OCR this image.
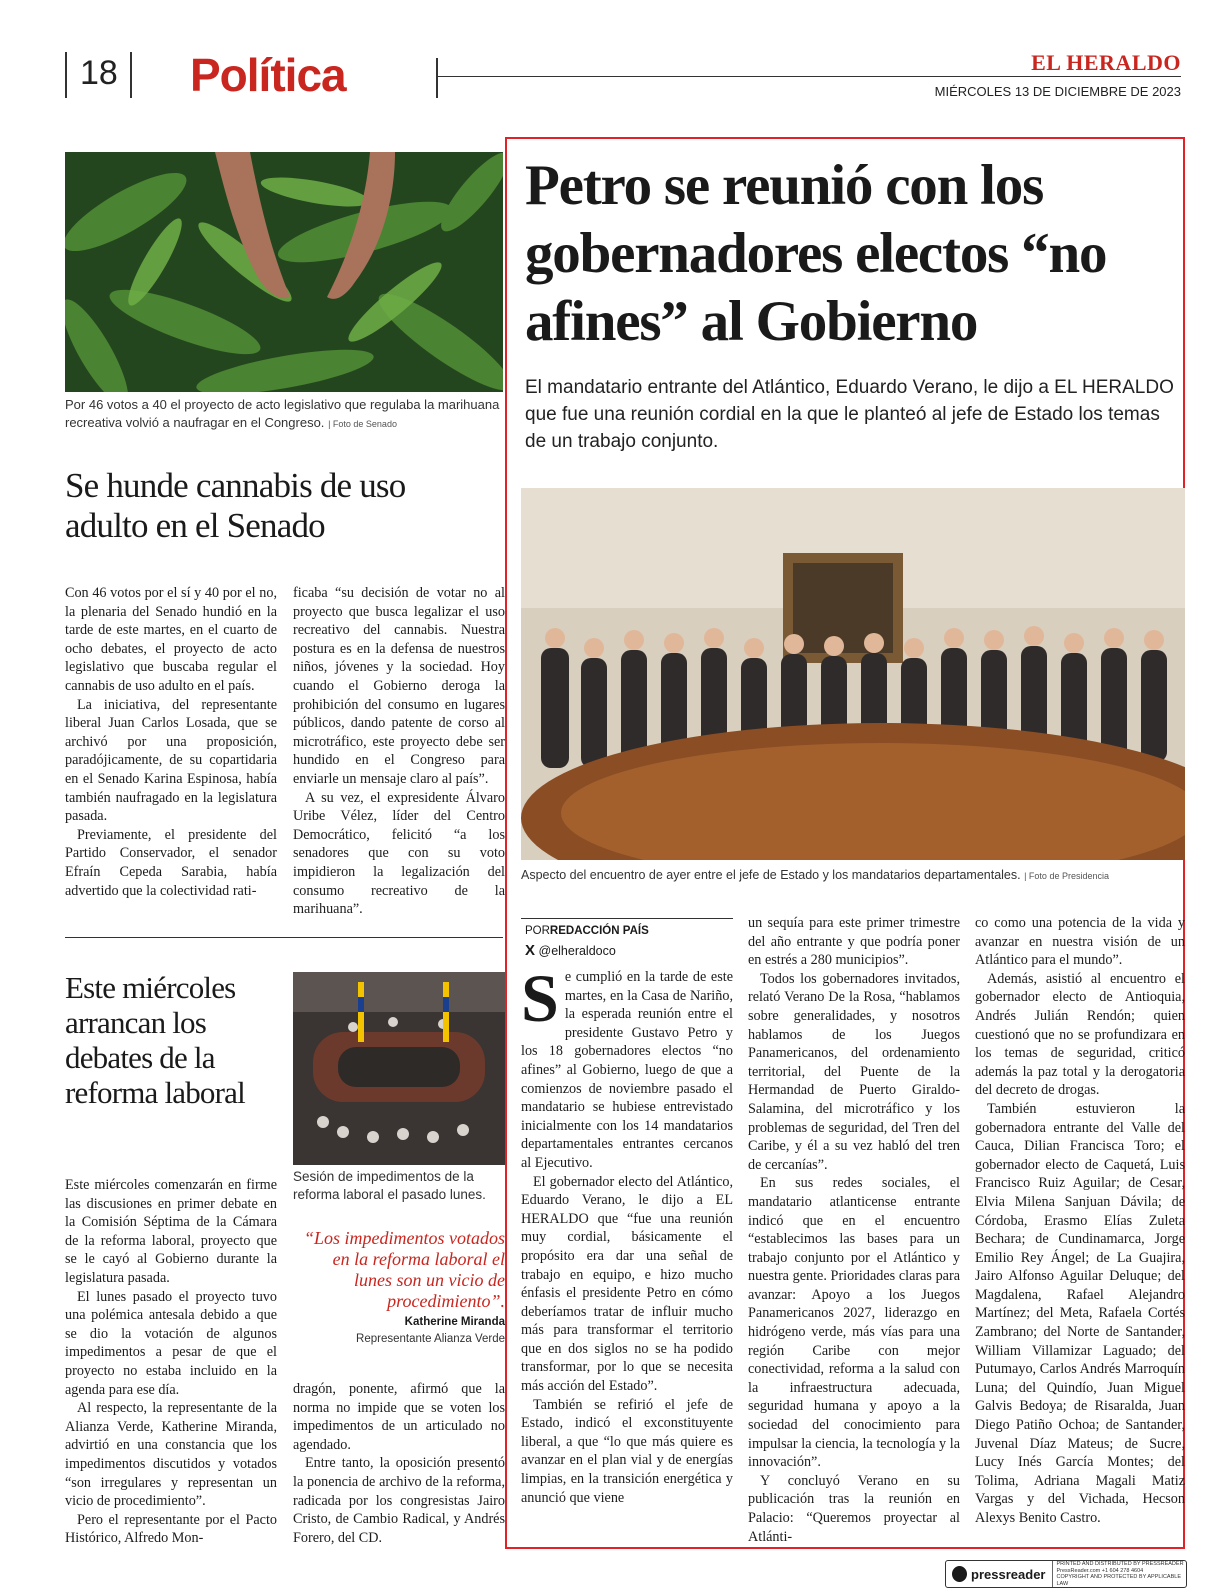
18 Política	EL HERALDO
MIÉRCOLES 13 DE DICIEMBRE DE 2023
Por 46 votos a 40 el proyecto de acto legislativo que regulaba la marihuana recreativa volvió a naufragar en el Congreso. | Foto de Senado
Se hunde cannabis de uso adulto en el Senado

Con 46 votos por el sí y 40 por el no, la plenaria del Senado hundió en la tarde de este martes, en el cuarto de ocho debates, el proyecto de acto legislativo que buscaba regular el cannabis de uso adulto en el país.

La iniciativa, del representante liberal Juan Carlos Losada, que se archivó por una proposición, paradójicamente, de su copartidaria en el Senado Karina Espinosa, había también naufragado en la legislatura pasada.

Previamente, el presidente del Partido Conservador, el senador Efraín Cepeda Sarabia, había advertido que la colectividad rati-

ficaba “su decisión de votar no al proyecto que busca legalizar el uso recreativo del cannabis. Nuestra postura es en la defensa de nuestros niños, jóvenes y la sociedad. Hoy cuando el Gobierno deroga la prohibición del consumo en lugares públicos, dando patente de corso al microtráfico, este proyecto debe ser hundido en el Congreso para enviarle un mensaje claro al país”.

A su vez, el expresidente Álvaro Uribe Vélez, líder del Centro Democrático, felicitó “a los senadores que con su voto impidieron la legalización del consumo recreativo de la marihuana”.

Este miércoles arrancan los debates de la reforma laboral
Sesión de impedimentos de la reforma laboral el pasado lunes.

Este miércoles comenzarán en firme las discusiones en primer debate en la Comisión Séptima de la Cámara de la reforma laboral, proyecto que se le cayó al Gobierno durante la legislatura pasada.

El lunes pasado el proyecto tuvo una polémica antesala debido a que se dio la votación de algunos impedimentos a pesar de que el proyecto no estaba incluido en la agenda para ese día.

Al respecto, la representante de la Alianza Verde, Katherine Miranda, advirtió en una constancia que los impedimentos discutidos y votados “son irregulares y representan un vicio de procedimiento”.

Pero el representante por el Pacto Histórico, Alfredo Mon-

“Los impedimentos votados en la reforma laboral el lunes son un vicio de procedimiento”.
Katherine Miranda
Representante Alianza Verde

dragón, ponente, afirmó que la norma no impide que se voten los impedimentos de un articulado no agendado.

Entre tanto, la oposición presentó la ponencia de archivo de la reforma, radicada por los congresistas Jairo Cristo, de Cambio Radical, y Andrés Forero, del CD.

Petro se reunió con los gobernadores electos “no afines” al Gobierno
El mandatario entrante del Atlántico, Eduardo Verano, le dijo a EL HERALDO que fue una reunión cordial en la que le planteó al jefe de Estado los temas de un trabajo conjunto.
Aspecto del encuentro de ayer entre el jefe de Estado y los mandatarios departamentales. | Foto de Presidencia
PORREDACCIÓN PAÍS
X @elheraldoco

Se cumplió en la tarde de este martes, en la Casa de Nariño, la esperada reunión entre el presidente Gustavo Petro y los 18 gobernadores electos “no afines” al Gobierno, luego de que a comienzos de noviembre pasado el mandatario se hubiese entrevistado inicialmente con los 14 mandatarios departamentales entrantes cercanos al Ejecutivo.

El gobernador electo del Atlántico, Eduardo Verano, le dijo a EL HERALDO que “fue una reunión muy cordial, básicamente el propósito era dar una señal de trabajo en equipo, e hizo mucho énfasis el presidente Petro en cómo deberíamos tratar de influir mucho más para transformar el territorio que en dos siglos no se ha podido transformar, por lo que se necesita más acción del Estado”.

También se refirió el jefe de Estado, indicó el exconstituyente liberal, a que “lo que más quiere es avanzar en el plan vial y de energías limpias, en la transición energética y anunció que viene

un sequía para este primer trimestre del año entrante y que podría poner en estrés a 280 municipios”.

Todos los gobernadores invitados, relató Verano De la Rosa, “hablamos sobre generalidades, y nosotros hablamos de los Juegos Panamericanos, del ordenamiento territorial, del Puente de la Hermandad de Puerto Giraldo-Salamina, del microtráfico y los problemas de seguridad, del Tren del Caribe, y él a su vez habló del tren de cercanías”.

En sus redes sociales, el mandatario atlanticense entrante indicó que en el encuentro “establecimos las bases para un trabajo conjunto por el Atlántico y nuestra gente. Prioridades claras para avanzar: Apoyo a los Juegos Panamericanos 2027, liderazgo en hidrógeno verde, más vías para una región Caribe con mejor conectividad, reforma a la salud con la infraestructura adecuada, seguridad humana y apoyo a la sociedad del conocimiento para impulsar la ciencia, la tecnología y la innovación”.

Y concluyó Verano en su publicación tras la reunión en Palacio: “Queremos proyectar al Atlánti-

co como una potencia de la vida y avanzar en nuestra visión de un Atlántico para el mundo”.

Además, asistió al encuentro el gobernador electo de Antioquia, Andrés Julián Rendón; quien cuestionó que no se profundizara en los temas de seguridad, criticó además la paz total y la derogatoria del decreto de drogas.

También estuvieron la gobernadora entrante del Valle del Cauca, Dilian Francisca Toro; el gobernador electo de Caquetá, Luis Francisco Ruiz Aguilar; de Cesar, Elvia Milena Sanjuan Dávila; de Córdoba, Erasmo Elías Zuleta Bechara; de Cundinamarca, Jorge Emilio Rey Ángel; de La Guajira, Jairo Alfonso Aguilar Deluque; del Magdalena, Rafael Alejandro Martínez; del Meta, Rafaela Cortés Zambrano; del Norte de Santander, William Villamizar Laguado; del Putumayo, Carlos Andrés Marroquín Luna; del Quindío, Juan Miguel Galvis Bedoya; de Risaralda, Juan Diego Patiño Ochoa; de Santander, Juvenal Díaz Mateus; de Sucre, Lucy Inés García Montes; del Tolima, Adriana Magali Matiz Vargas y del Vichada, Hecson Alexys Benito Castro.

pressreader
PRINTED AND DISTRIBUTED BY PRESSREADER
PressReader.com +1 604 278 4604
COPYRIGHT AND PROTECTED BY APPLICABLE LAW
